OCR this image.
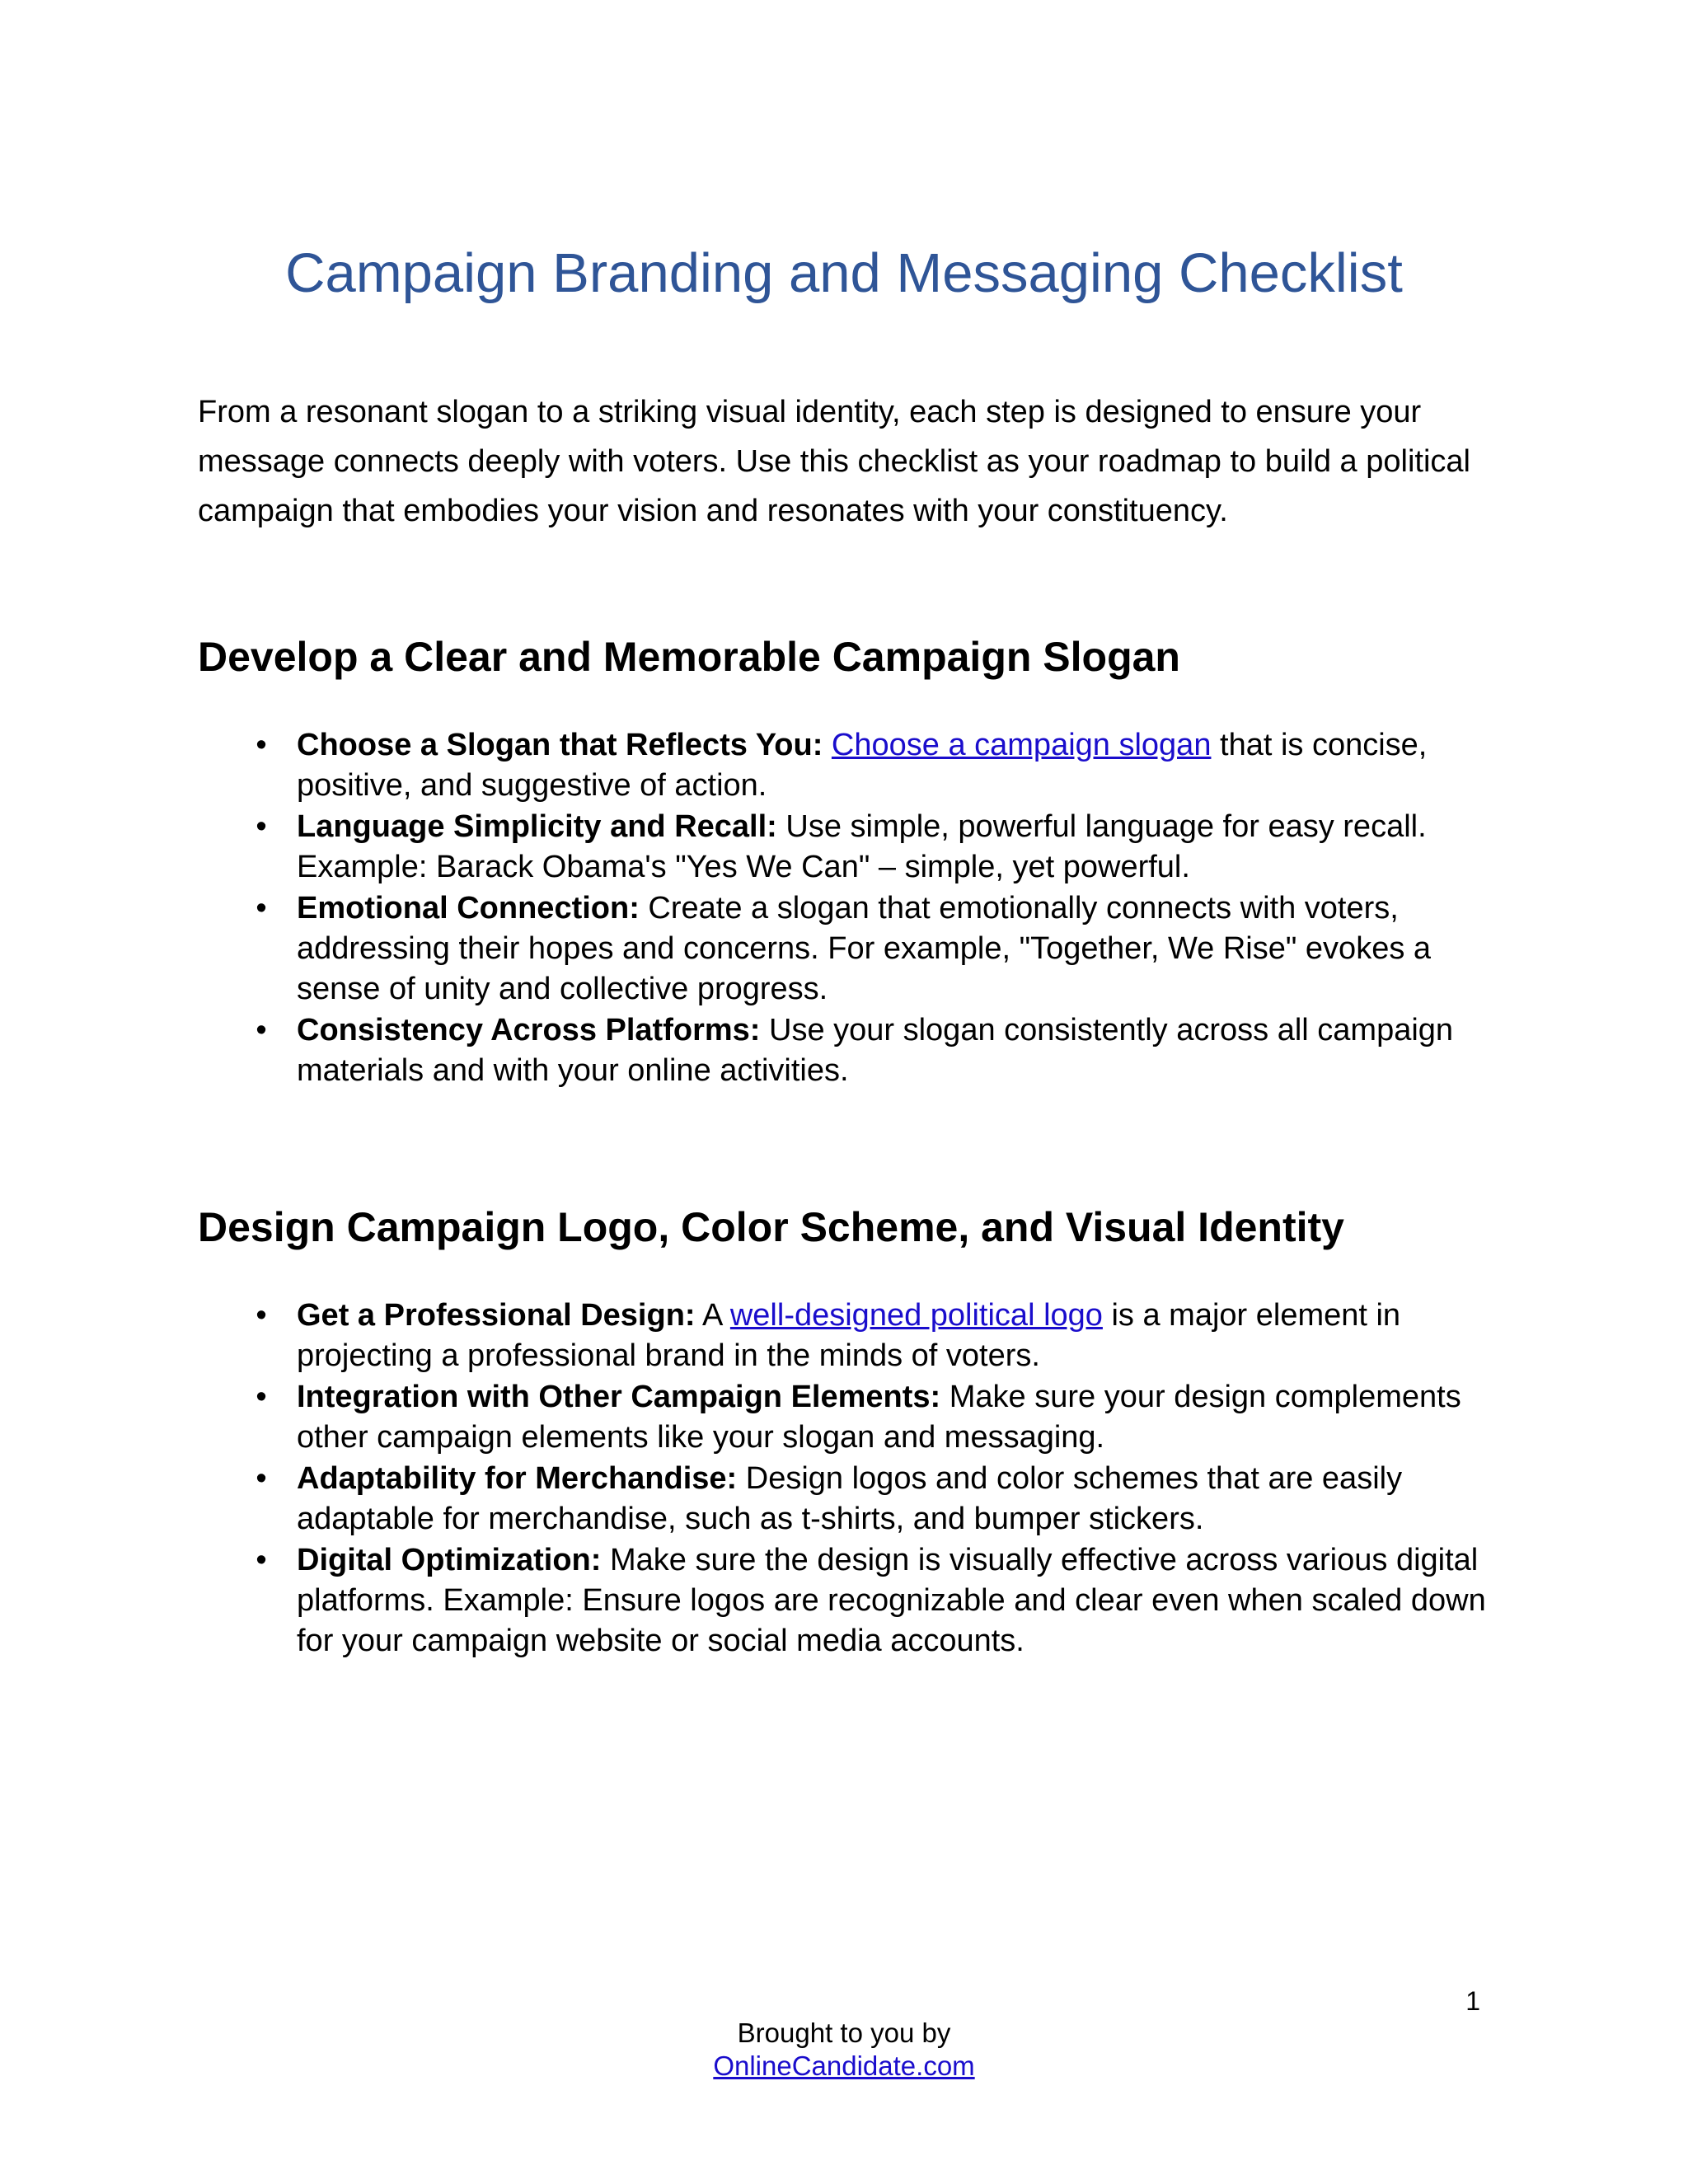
Campaign Branding and Messaging Checklist

From a resonant slogan to a striking visual identity, each step is designed to ensure your message connects deeply with voters. Use this checklist as your roadmap to build a political campaign that embodies your vision and resonates with your constituency.

Develop a Clear and Memorable Campaign Slogan
• Choose a Slogan that Reflects You: Choose a campaign slogan that is concise, positive, and suggestive of action.
• Language Simplicity and Recall: Use simple, powerful language for easy recall. Example: Barack Obama's "Yes We Can" – simple, yet powerful.
• Emotional Connection: Create a slogan that emotionally connects with voters, addressing their hopes and concerns. For example, "Together, We Rise" evokes a sense of unity and collective progress.
• Consistency Across Platforms: Use your slogan consistently across all campaign materials and with your online activities.
Design Campaign Logo, Color Scheme, and Visual Identity
• Get a Professional Design: A well-designed political logo is a major element in projecting a professional brand in the minds of voters.
• Integration with Other Campaign Elements: Make sure your design complements other campaign elements like your slogan and messaging.
• Adaptability for Merchandise: Design logos and color schemes that are easily adaptable for merchandise, such as t-shirts, and bumper stickers.
• Digital Optimization: Make sure the design is visually effective across various digital platforms. Example: Ensure logos are recognizable and clear even when scaled down for your campaign website or social media accounts.
1
Brought to you by
OnlineCandidate.com
